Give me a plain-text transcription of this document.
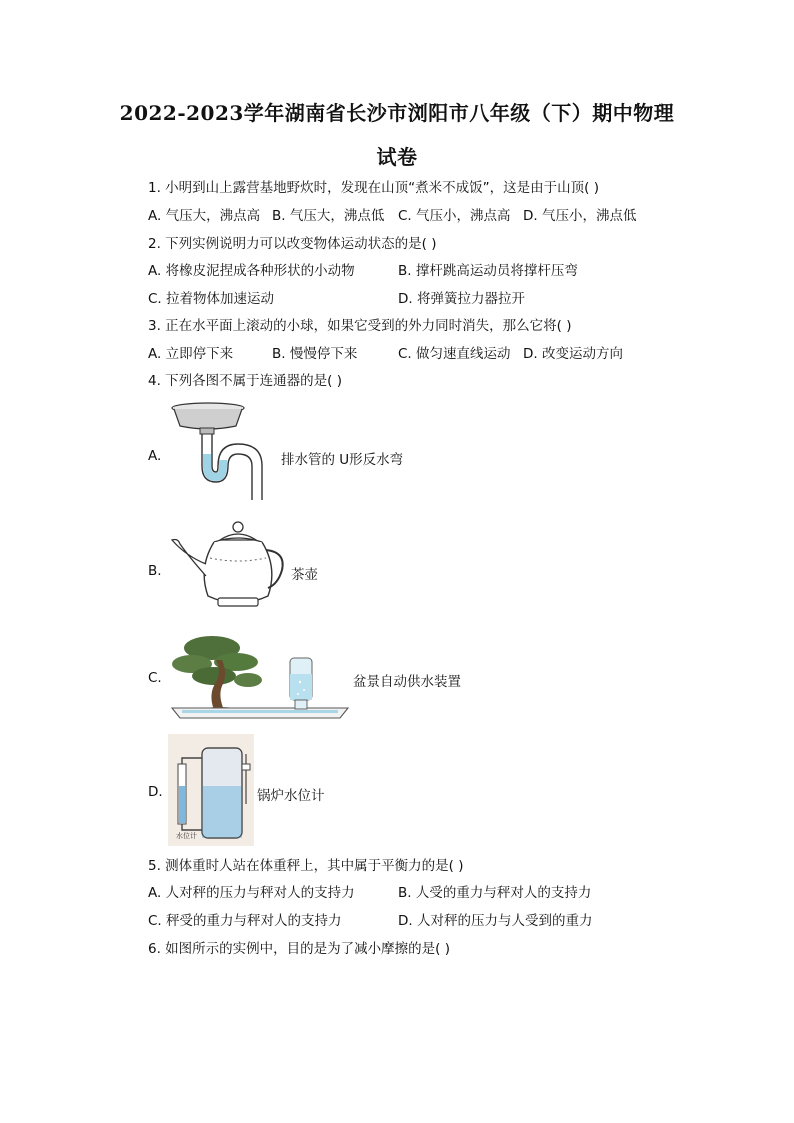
2022-2023学年湖南省长沙市浏阳市八年级（下）期中物理
试卷
1. 小明到山上露营基地野炊时，发现在山顶“煮米不成饭”，这是由于山顶( )
A. 气压大，沸点高 B. 气压大，沸点低 C. 气压小，沸点高 D. 气压小，沸点低
2. 下列实例说明力可以改变物体运动状态的是( )
A. 将橡皮泥捏成各种形状的小动物	B. 撑杆跳高运动员将撑杆压弯
C. 拉着物体加速运动	D. 将弹簧拉力器拉开
3. 正在水平面上滚动的小球，如果它受到的外力同时消失，那么它将( )
A. 立即停下来	B. 慢慢停下来	C. 做匀速直线运动 D. 改变运动方向
4. 下列各图不属于连通器的是( )
A.	排水管的 U形反水弯
B.	茶壶
C.	盆景自动供水装置
D.
水位计
锅炉水位计
5. 测体重时人站在体重秤上，其中属于平衡力的是( )
A. 人对秤的压力与秤对人的支持力	B. 人受的重力与秤对人的支持力
C. 秤受的重力与秤对人的支持力	D. 人对秤的压力与人受到的重力
6. 如图所示的实例中，目的是为了减小摩擦的是( )
